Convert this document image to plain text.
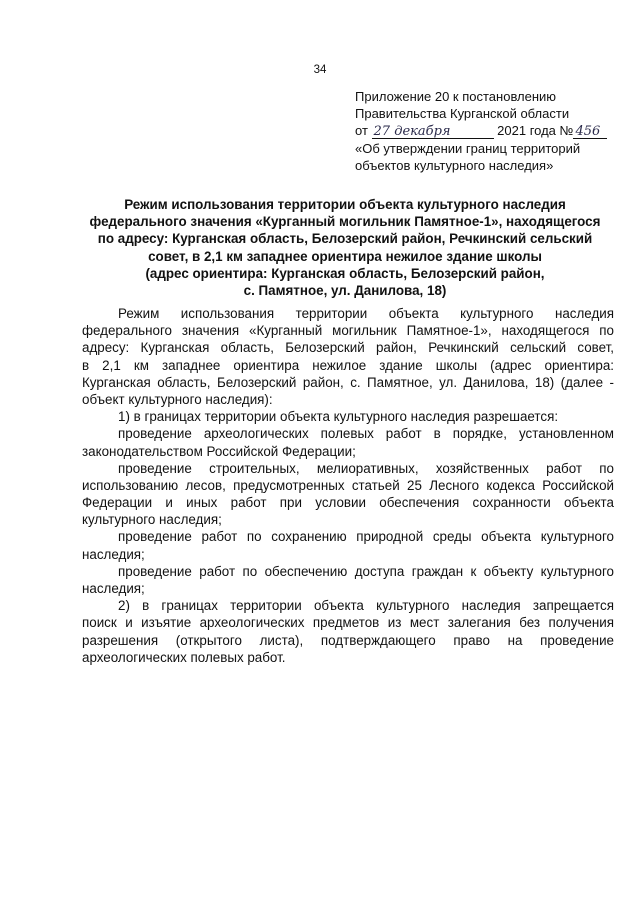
34
Приложение 20 к постановлению
Правительства Курганской области
от 27 декабря	2021 года № 456
«Об утверждении границ территорий
объектов культурного наследия»
Режим использования территории объекта культурного наследия
федерального значения «Курганный могильник Памятное-1», находящегося
по адресу: Курганская область, Белозерский район, Речкинский сельский
совет, в 2,1 км западнее ориентира нежилое здание школы
(адрес ориентира: Курганская область, Белозерский район,
с. Памятное, ул. Данилова, 18)
Режим использования территории объекта культурного наследия
федерального значения «Курганный могильник Памятное-1», находящегося по
адресу: Курганская область, Белозерский район, Речкинский сельский совет,
в 2,1 км западнее ориентира нежилое здание школы (адрес ориентира:
Курганская область, Белозерский район, с. Памятное, ул. Данилова, 18) (далее -
объект культурного наследия):
1) в границах территории объекта культурного наследия разрешается:
проведение археологических полевых работ в порядке, установленном
законодательством Российской Федерации;
проведение строительных, мелиоративных, хозяйственных работ по
использованию лесов, предусмотренных статьей 25 Лесного кодекса Российской
Федерации и иных работ при условии обеспечения сохранности объекта
культурного наследия;
проведение работ по сохранению природной среды объекта культурного
наследия;
проведение работ по обеспечению доступа граждан к объекту культурного
наследия;
2) в границах территории объекта культурного наследия запрещается
поиск и изъятие археологических предметов из мест залегания без получения
разрешения (открытого листа), подтверждающего право на проведение
археологических полевых работ.
